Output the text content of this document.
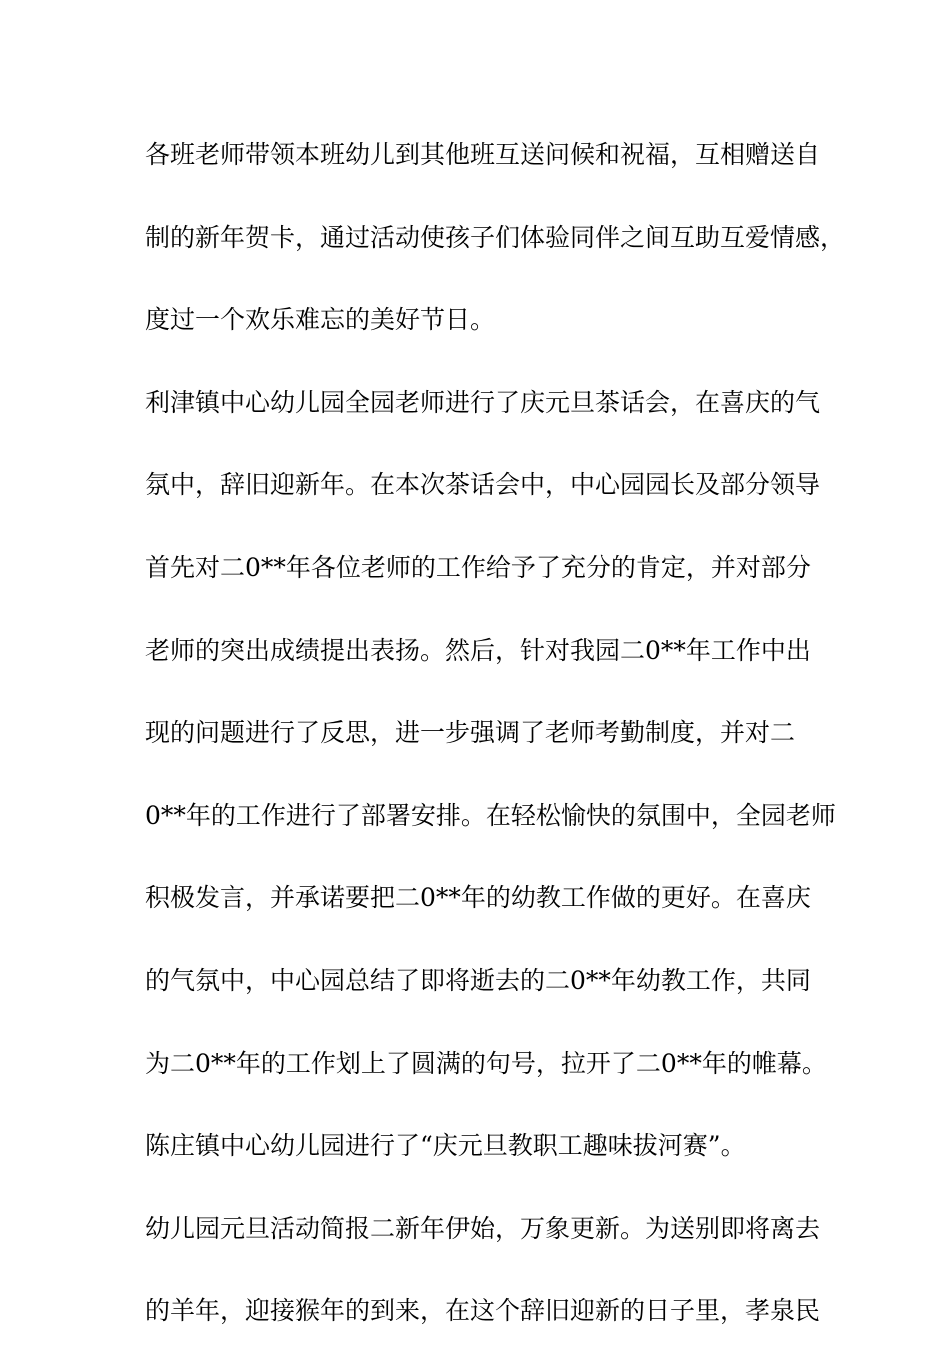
各班老师带领本班幼儿到其他班互送问候和祝福，互相赠送自
制的新年贺卡，通过活动使孩子们体验同伴之间互助互爱情感，
度过一个欢乐难忘的美好节日。
利津镇中心幼儿园全园老师进行了庆元旦茶话会，在喜庆的气
氛中，辞旧迎新年。在本次茶话会中，中心园园长及部分领导
首先对二0**年各位老师的工作给予了充分的肯定，并对部分
老师的突出成绩提出表扬。然后，针对我园二0**年工作中出
现的问题进行了反思，进一步强调了老师考勤制度，并对二
0**年的工作进行了部署安排。在轻松愉快的氛围中，全园老师
积极发言，并承诺要把二0**年的幼教工作做的更好。在喜庆
的气氛中，中心园总结了即将逝去的二0**年幼教工作，共同
为二0**年的工作划上了圆满的句号，拉开了二0**年的帷幕。
陈庄镇中心幼儿园进行了“庆元旦教职工趣味拔河赛”。
幼儿园元旦活动简报二新年伊始，万象更新。为送别即将离去
的羊年，迎接猴年的到来，在这个辞旧迎新的日子里，孝泉民
